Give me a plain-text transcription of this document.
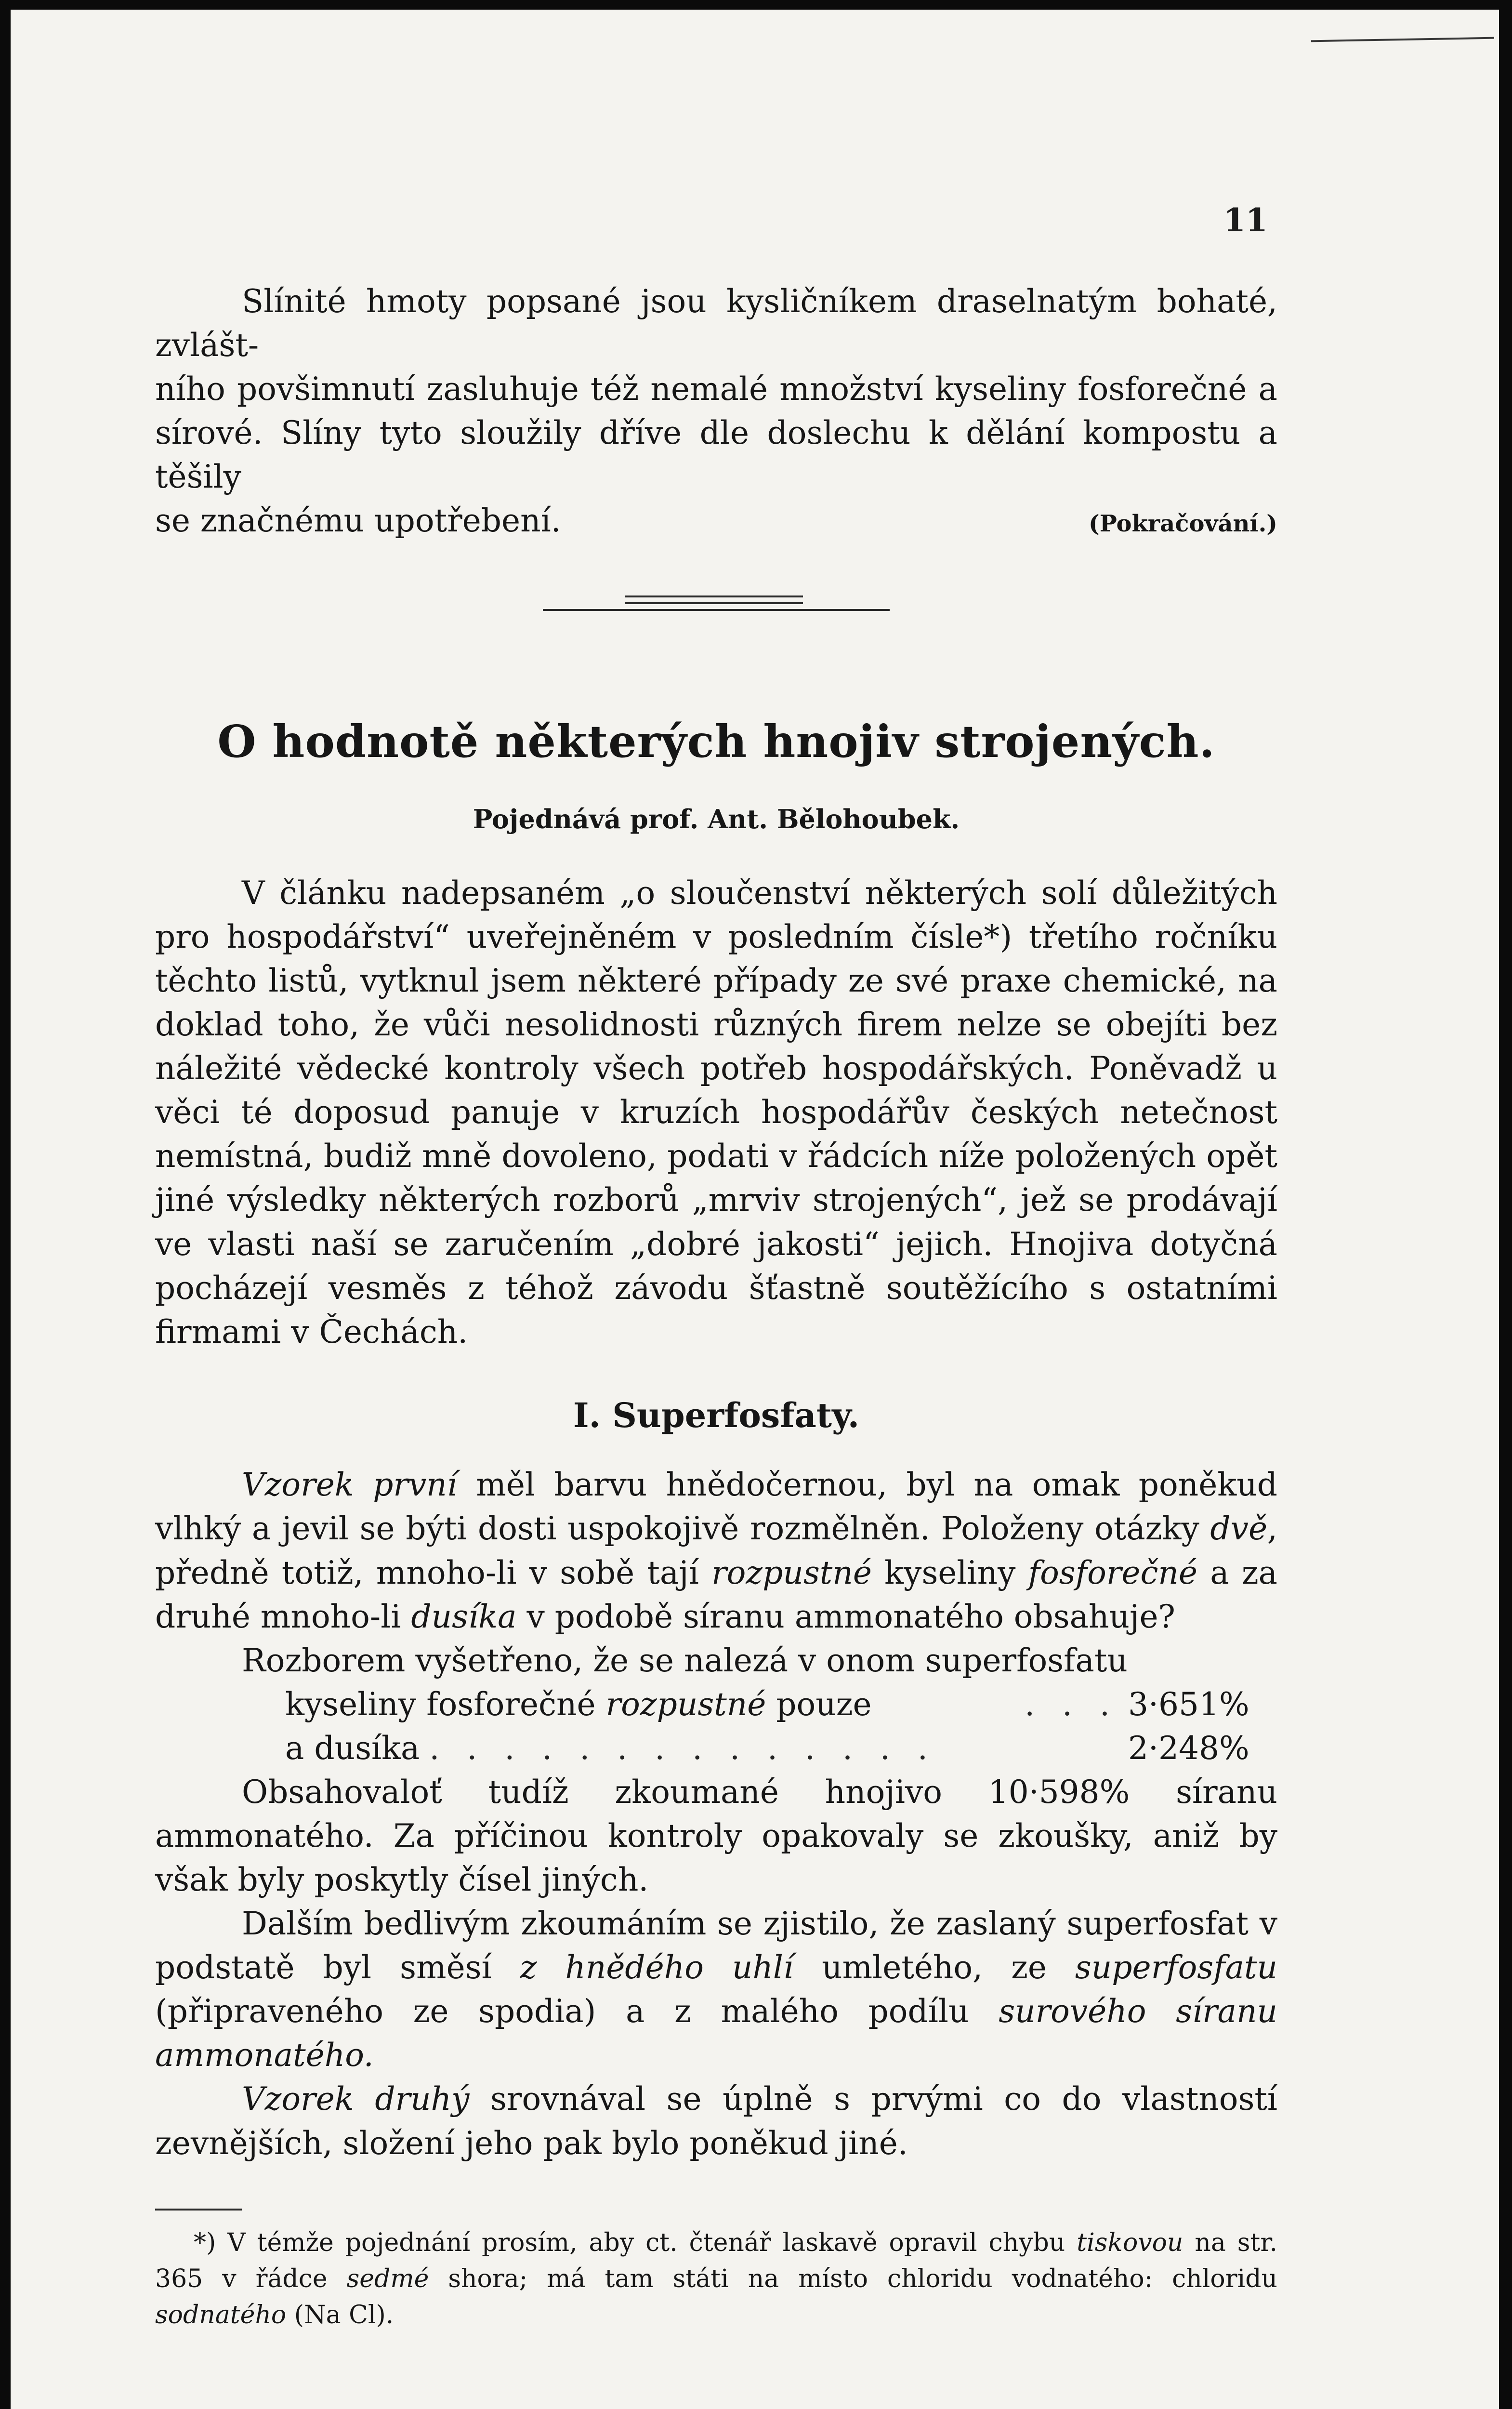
11

Slínité hmoty popsané jsou kysličníkem draselnatým bohaté, zvlášt-

ního povšimnutí zasluhuje též nemalé množství kyseliny fosforečné a

sírové. Slíny tyto sloužily dříve dle doslechu k dělání kompostu a těšily

se značnému upotřebení.	(Pokračování.)
O hodnotě některých hnojiv strojených.
Pojednává prof. Ant. Bělohoubek.

V článku nadepsaném „o sloučenství některých solí důležitých pro hospodářství“ uveřejněném v posledním čísle*) třetího ročníku těchto listů, vytknul jsem některé případy ze své praxe chemické, na doklad toho, že vůči nesolidnosti různých firem nelze se obejíti bez náležité vědecké kontroly všech potřeb hospodářských. Poněvadž u věci té doposud panuje v kruzích hospodářův českých netečnost nemístná, budiž mně dovoleno, podati v řádcích níže položených opět jiné výsledky některých rozborů „mrviv strojených“, jež se prodávají ve vlasti naší se zaručením „dobré jakosti“ jejich. Hnojiva dotyčná pocházejí vesměs z téhož závodu šťastně soutěžícího s ostatními firmami v Čechách.

I. Superfosfaty.

Vzorek první měl barvu hnědočernou, byl na omak poněkud vlhký a jevil se býti dosti uspokojivě rozmělněn. Položeny otázky dvě, předně totiž, mnoho-li v sobě tají rozpustné kyseliny fosforečné a za druhé mnoho-li dusíka v podobě síranu ammonatého obsahuje?

Rozborem vyšetřeno, že se nalezá v onom superfosfatu

kyseliny fosforečné rozpustné pouze	. . . 3·651%
a dusíka . . . . . . . . . . . . . .	2·248%

Obsahovaloť tudíž zkoumané hnojivo 10·598% síranu ammonatého. Za příčinou kontroly opakovaly se zkoušky, aniž by však byly poskytly čísel jiných.

Dalším bedlivým zkoumáním se zjistilo, že zaslaný superfosfat v podstatě byl směsí z hnědého uhlí umletého, ze superfosfatu (připraveného ze spodia) a z malého podílu surového síranu ammonatého.

Vzorek druhý srovnával se úplně s prvými co do vlastností zevnějších, složení jeho pak bylo poněkud jiné.

*) V témže pojednání prosím, aby ct. čtenář laskavě opravil chybu tiskovou na str. 365 v řádce sedmé shora; má tam státi na místo chloridu vodnatého: chloridu sodnatého (Na Cl).
